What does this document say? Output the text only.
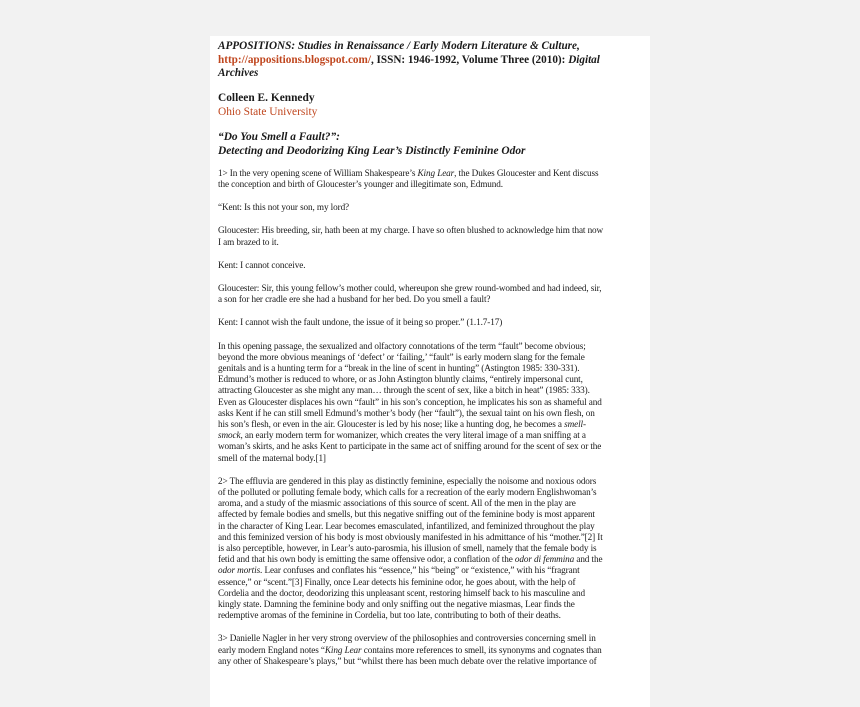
APPOSITIONS: Studies in Renaissance / Early Modern Literature & Culture,
http://appositions.blogspot.com/, ISSN: 1946-1992, Volume Three (2010): Digital
Archives
Colleen E. Kennedy
Ohio State University
“Do You Smell a Fault?”:
Detecting and Deodorizing King Lear’s Distinctly Feminine Odor

1> In the very opening scene of William Shakespeare’s King Lear, the Dukes Gloucester and Kent discuss
the conception and birth of Gloucester’s younger and illegitimate son, Edmund.

“Kent: Is this not your son, my lord?

Gloucester: His breeding, sir, hath been at my charge. I have so often blushed to acknowledge him that now
I am brazed to it.

Kent: I cannot conceive.

Gloucester: Sir, this young fellow’s mother could, whereupon she grew round-wombed and had indeed, sir,
a son for her cradle ere she had a husband for her bed. Do you smell a fault?

Kent: I cannot wish the fault undone, the issue of it being so proper.” (1.1.7-17)

In this opening passage, the sexualized and olfactory connotations of the term “fault” become obvious;
beyond the more obvious meanings of ‘defect’ or ‘failing,’ “fault” is early modern slang for the female
genitals and is a hunting term for a “break in the line of scent in hunting” (Astington 1985: 330-331).
Edmund’s mother is reduced to whore, or as John Astington bluntly claims, “entirely impersonal cunt,
attracting Gloucester as she might any man… through the scent of sex, like a bitch in heat” (1985: 333).
Even as Gloucester displaces his own “fault” in his son’s conception, he implicates his son as shameful and
asks Kent if he can still smell Edmund’s mother’s body (her “fault”), the sexual taint on his own flesh, on
his son’s flesh, or even in the air. Gloucester is led by his nose; like a hunting dog, he becomes a smell-
smock, an early modern term for womanizer, which creates the very literal image of a man sniffing at a
woman’s skirts, and he asks Kent to participate in the same act of sniffing around for the scent of sex or the
smell of the maternal body.[1]

2> The effluvia are gendered in this play as distinctly feminine, especially the noisome and noxious odors
of the polluted or polluting female body, which calls for a recreation of the early modern Englishwoman’s
aroma, and a study of the miasmic associations of this source of scent. All of the men in the play are
affected by female bodies and smells, but this negative sniffing out of the feminine body is most apparent
in the character of King Lear. Lear becomes emasculated, infantilized, and feminized throughout the play
and this feminized version of his body is most obviously manifested in his admittance of his “mother.”[2] It
is also perceptible, however, in Lear’s auto-parosmia, his illusion of smell, namely that the female body is
fetid and that his own body is emitting the same offensive odor, a conflation of the odor di femmina and the
odor mortis. Lear confuses and conflates his “essence,” his “being” or “existence,” with his “fragrant
essence,” or “scent.”[3] Finally, once Lear detects his feminine odor, he goes about, with the help of
Cordelia and the doctor, deodorizing this unpleasant scent, restoring himself back to his masculine and
kingly state. Damning the feminine body and only sniffing out the negative miasmas, Lear finds the
redemptive aromas of the feminine in Cordelia, but too late, contributing to both of their deaths.

3> Danielle Nagler in her very strong overview of the philosophies and controversies concerning smell in
early modern England notes “King Lear contains more references to smell, its synonyms and cognates than
any other of Shakespeare’s plays,” but “whilst there has been much debate over the relative importance of
